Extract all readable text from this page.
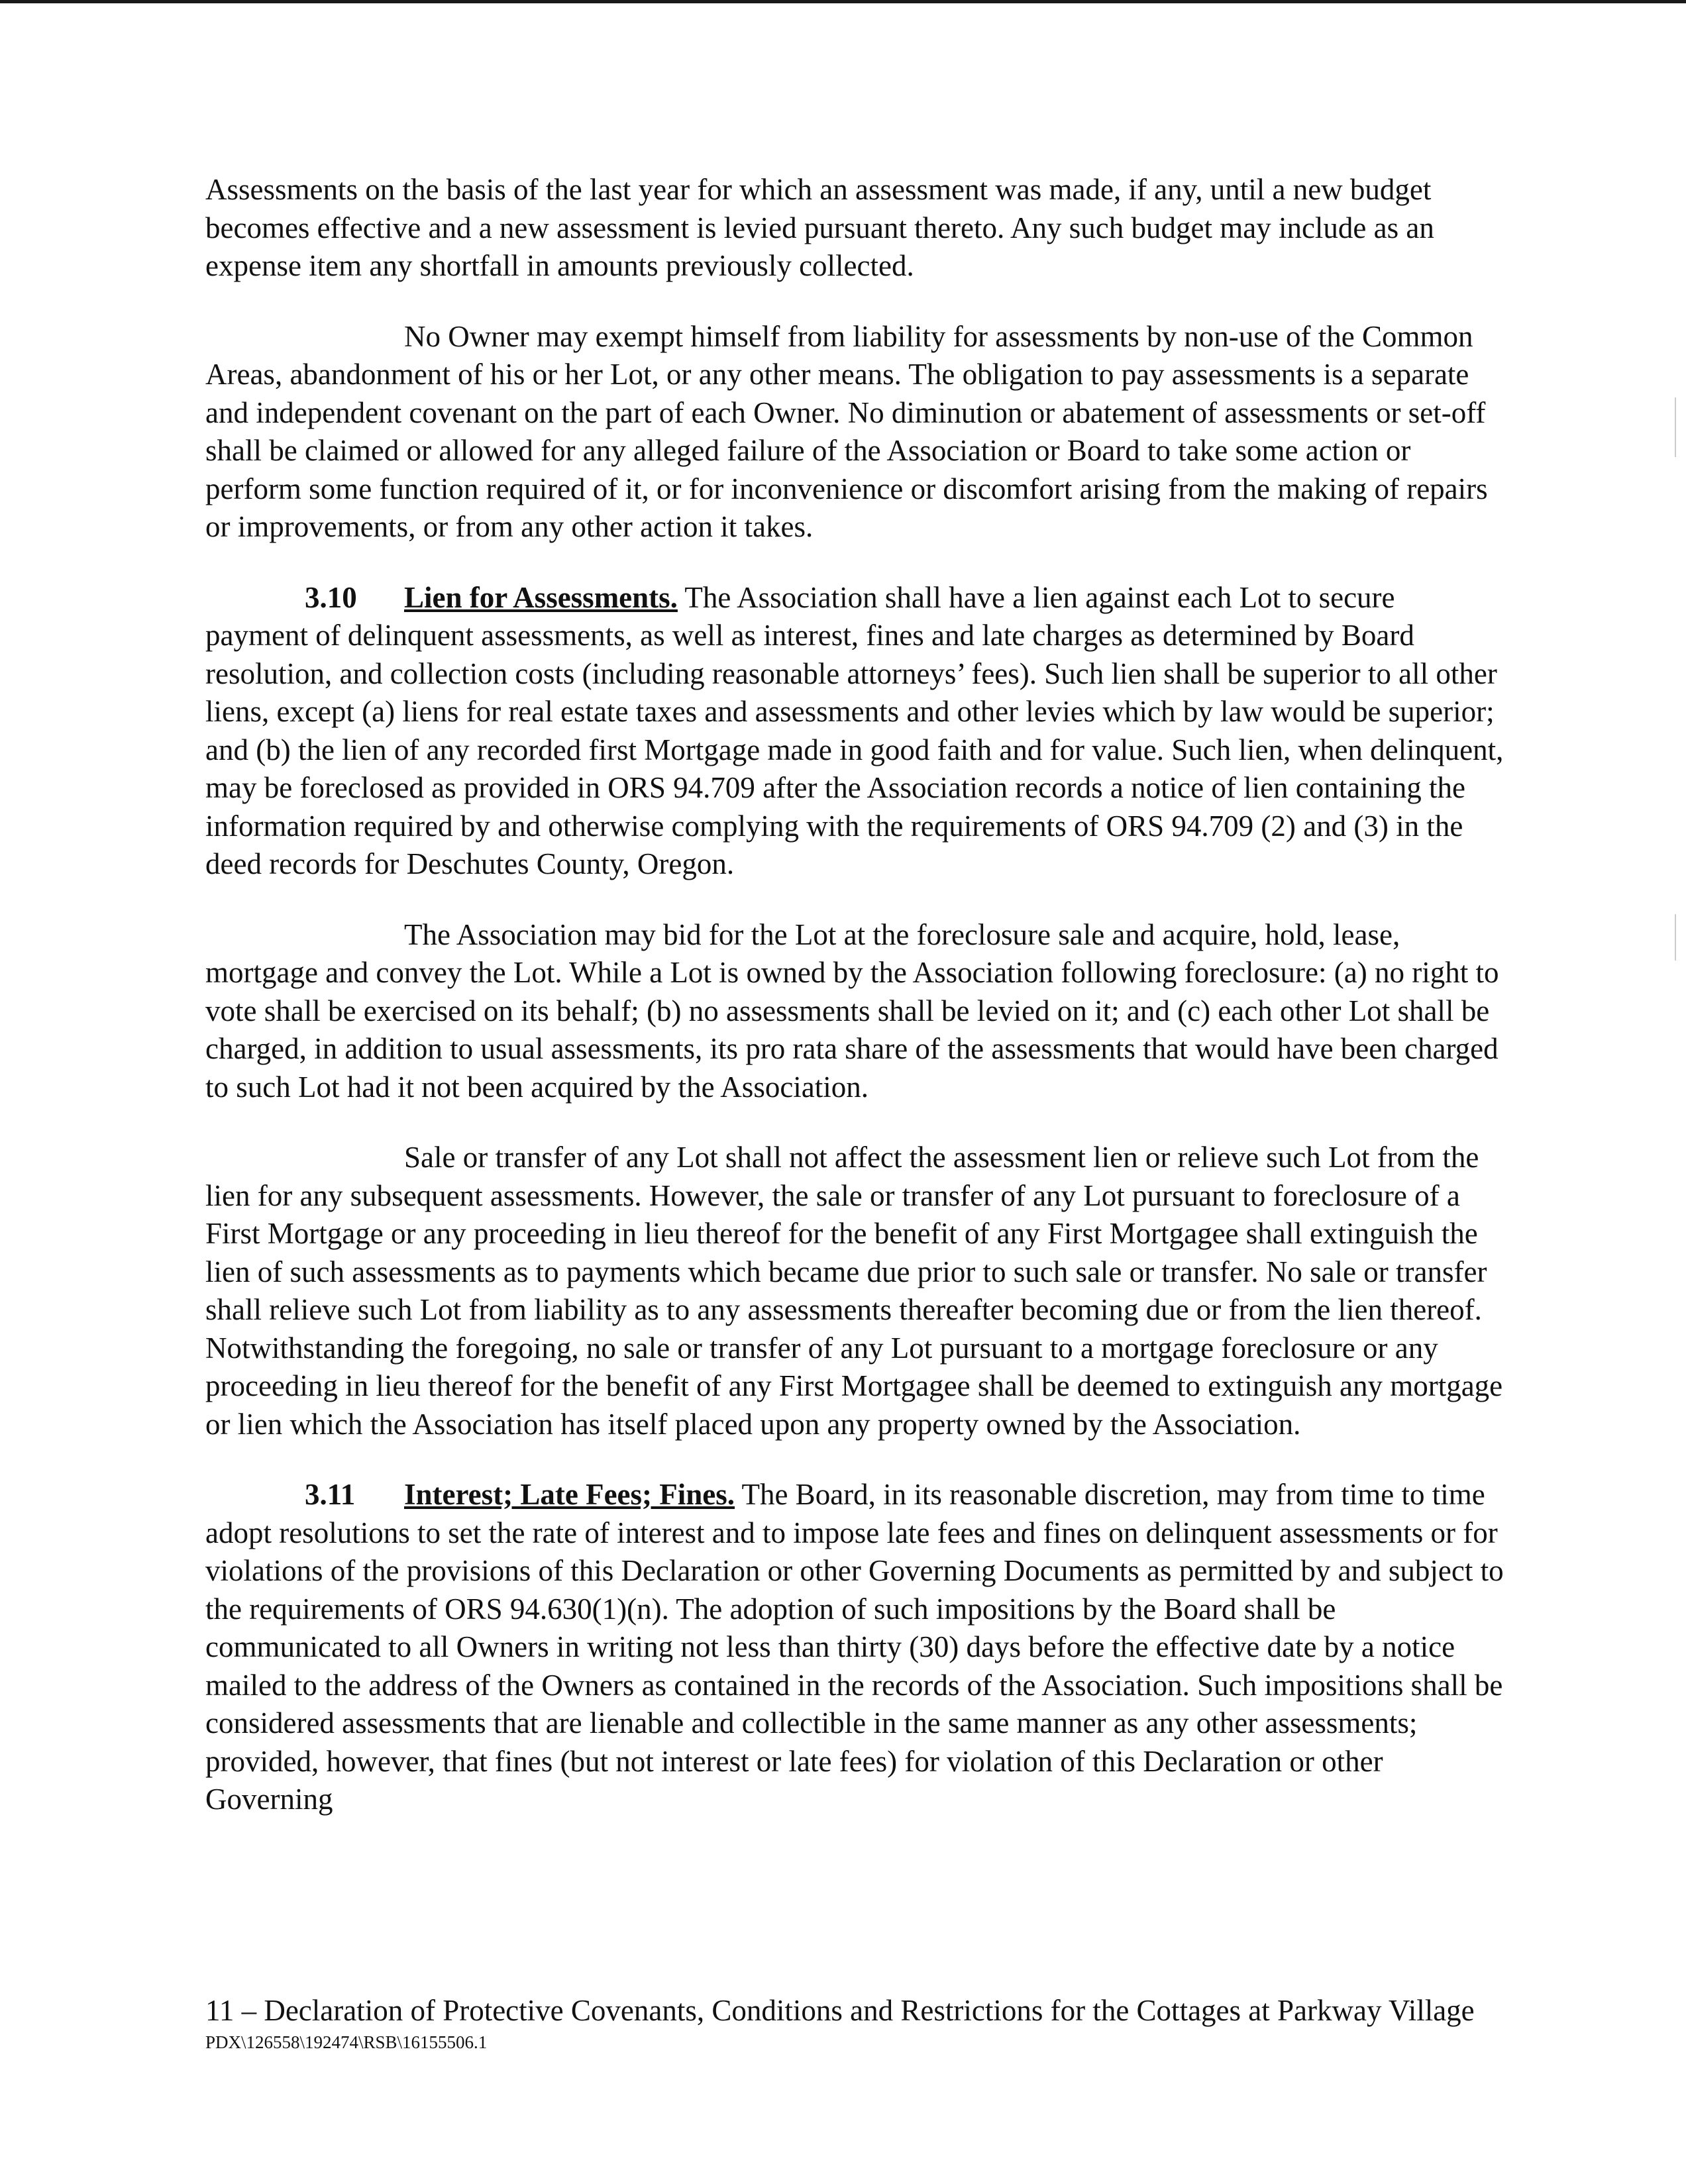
Assessments on the basis of the last year for which an assessment was made, if any, until a new budget becomes effective and a new assessment is levied pursuant thereto. Any such budget may include as an expense item any shortfall in amounts previously collected.

No Owner may exempt himself from liability for assessments by non-use of the Common Areas, abandonment of his or her Lot, or any other means. The obligation to pay assessments is a separate and independent covenant on the part of each Owner. No diminution or abatement of assessments or set-off shall be claimed or allowed for any alleged failure of the Association or Board to take some action or perform some function required of it, or for inconvenience or discomfort arising from the making of repairs or improvements, or from any other action it takes.

3.10 Lien for Assessments. The Association shall have a lien against each Lot to secure payment of delinquent assessments, as well as interest, fines and late charges as determined by Board resolution, and collection costs (including reasonable attorneys’ fees). Such lien shall be superior to all other liens, except (a) liens for real estate taxes and assessments and other levies which by law would be superior; and (b) the lien of any recorded first Mortgage made in good faith and for value. Such lien, when delinquent, may be foreclosed as provided in ORS 94.709 after the Association records a notice of lien containing the information required by and otherwise complying with the requirements of ORS 94.709 (2) and (3) in the deed records for Deschutes County, Oregon.

The Association may bid for the Lot at the foreclosure sale and acquire, hold, lease, mortgage and convey the Lot. While a Lot is owned by the Association following foreclosure: (a) no right to vote shall be exercised on its behalf; (b) no assessments shall be levied on it; and (c) each other Lot shall be charged, in addition to usual assessments, its pro rata share of the assessments that would have been charged to such Lot had it not been acquired by the Association.

Sale or transfer of any Lot shall not affect the assessment lien or relieve such Lot from the lien for any subsequent assessments. However, the sale or transfer of any Lot pursuant to foreclosure of a First Mortgage or any proceeding in lieu thereof for the benefit of any First Mortgagee shall extinguish the lien of such assessments as to payments which became due prior to such sale or transfer. No sale or transfer shall relieve such Lot from liability as to any assessments thereafter becoming due or from the lien thereof. Notwithstanding the foregoing, no sale or transfer of any Lot pursuant to a mortgage foreclosure or any proceeding in lieu thereof for the benefit of any First Mortgagee shall be deemed to extinguish any mortgage or lien which the Association has itself placed upon any property owned by the Association.

3.11 Interest; Late Fees; Fines. The Board, in its reasonable discretion, may from time to time adopt resolutions to set the rate of interest and to impose late fees and fines on delinquent assessments or for violations of the provisions of this Declaration or other Governing Documents as permitted by and subject to the requirements of ORS 94.630(1)(n). The adoption of such impositions by the Board shall be communicated to all Owners in writing not less than thirty (30) days before the effective date by a notice mailed to the address of the Owners as contained in the records of the Association. Such impositions shall be considered assessments that are lienable and collectible in the same manner as any other assessments; provided, however, that fines (but not interest or late fees) for violation of this Declaration or other Governing

11 – Declaration of Protective Covenants, Conditions and Restrictions for the Cottages at Parkway Village
PDX\126558\192474\RSB\16155506.1
